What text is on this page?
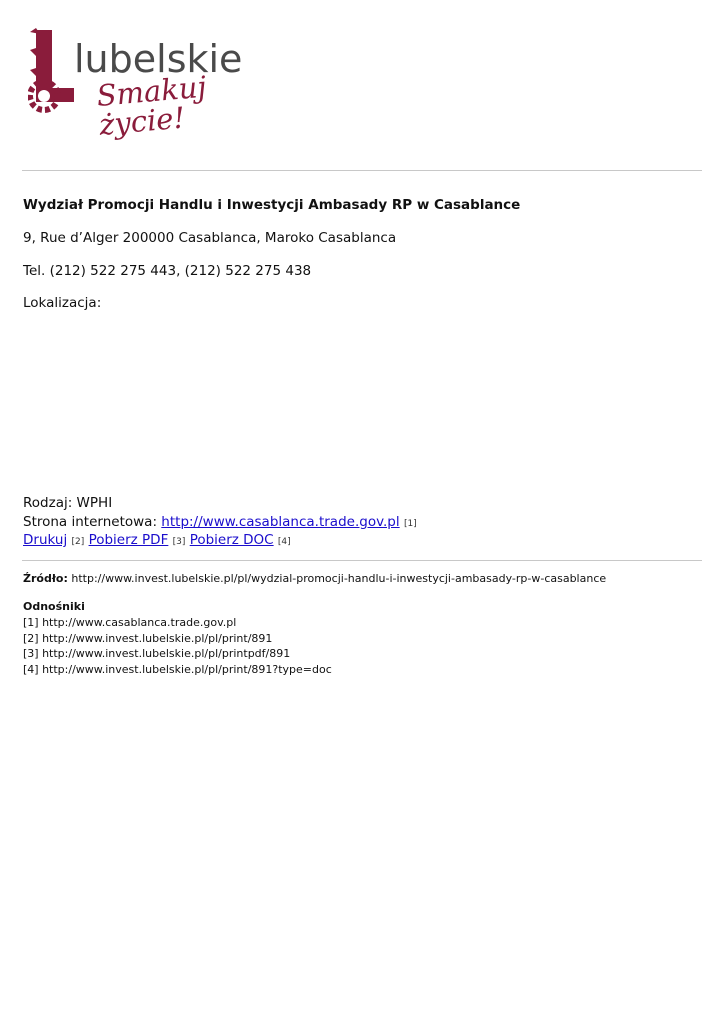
lubelskie
Smakuj życie!
Wydział Promocji Handlu i Inwestycji Ambasady RP w Casablance
9, Rue d’Alger 200000 Casablanca, Maroko Casablanca
Tel. (212) 522 275 443, (212) 522 275 438
Lokalizacja:
Rodzaj: WPHI
Strona internetowa: http://www.casablanca.trade.gov.pl [1]
Drukuj [2] Pobierz PDF [3] Pobierz DOC [4]
Źródło: http://www.invest.lubelskie.pl/pl/wydzial-promocji-handlu-i-inwestycji-ambasady-rp-w-casablance
Odnośniki
[1] http://www.casablanca.trade.gov.pl
[2] http://www.invest.lubelskie.pl/pl/print/891
[3] http://www.invest.lubelskie.pl/pl/printpdf/891
[4] http://www.invest.lubelskie.pl/pl/print/891?type=doc
